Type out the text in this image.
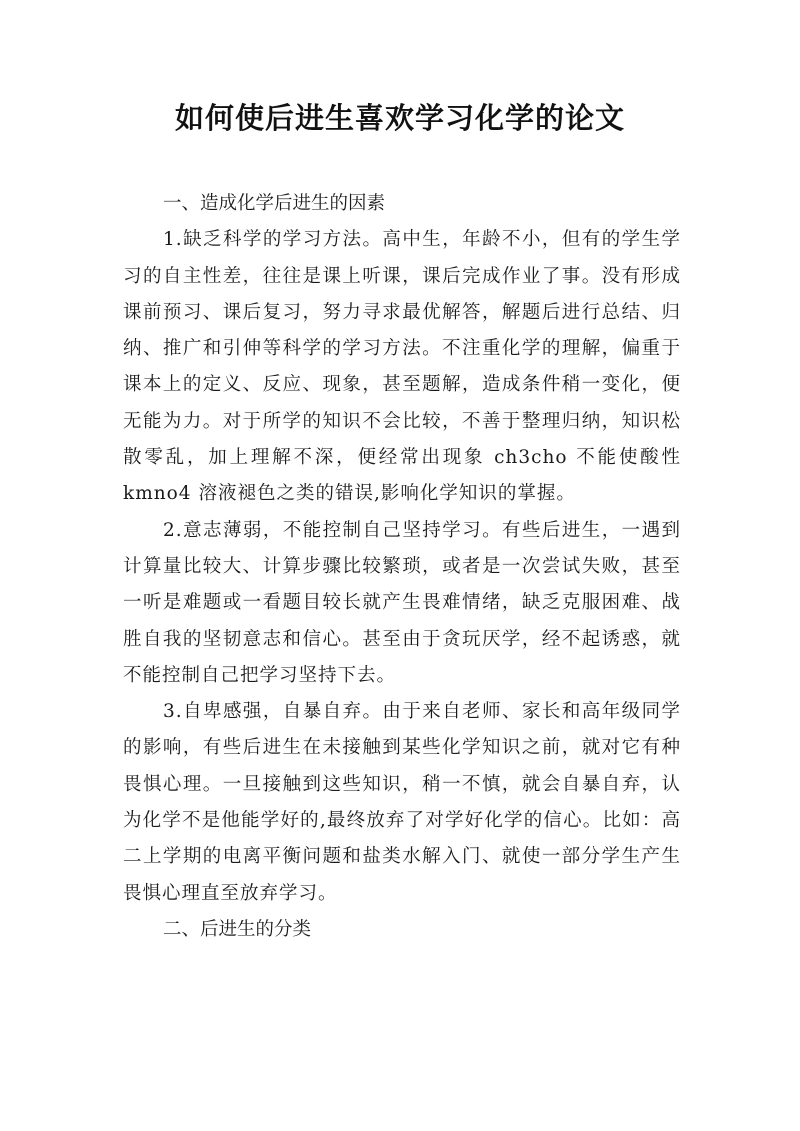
如何使后进生喜欢学习化学的论文

一、造成化学后进生的因素

1.缺乏科学的学习方法。高中生，年龄不小，但有的学生学习的自主性差，往往是课上听课，课后完成作业了事。没有形成课前预习、课后复习，努力寻求最优解答，解题后进行总结、归纳、推广和引伸等科学的学习方法。不注重化学的理解，偏重于课本上的定义、反应、现象，甚至题解，造成条件稍一变化，便无能为力。对于所学的知识不会比较，不善于整理归纳，知识松散零乱，加上理解不深，便经常出现象 ch3cho 不能使酸性 kmno4 溶液褪色之类的错误,影响化学知识的掌握。

2.意志薄弱，不能控制自己坚持学习。有些后进生，一遇到计算量比较大、计算步骤比较繁琐，或者是一次尝试失败，甚至一听是难题或一看题目较长就产生畏难情绪，缺乏克服困难、战胜自我的坚韧意志和信心。甚至由于贪玩厌学，经不起诱惑，就不能控制自己把学习坚持下去。

3.自卑感强，自暴自弃。由于来自老师、家长和高年级同学的影响，有些后进生在未接触到某些化学知识之前，就对它有种畏惧心理。一旦接触到这些知识，稍一不慎，就会自暴自弃，认为化学不是他能学好的,最终放弃了对学好化学的信心。比如：高二上学期的电离平衡问题和盐类水解入门、就使一部分学生产生畏惧心理直至放弃学习。

二、后进生的分类
